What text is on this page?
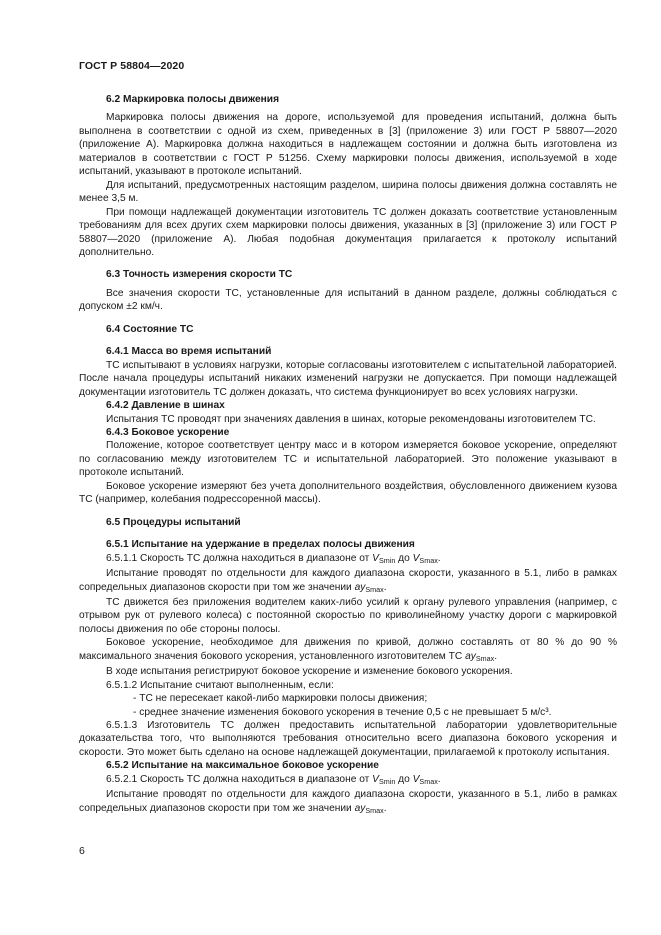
ГОСТ Р 58804—2020

6.2 Маркировка полосы движения

Маркировка полосы движения на дороге, используемой для проведения испытаний, должна быть выполнена в соответствии с одной из схем, приведенных в [3] (приложение 3) или ГОСТ Р 58807—2020 (приложение А). Маркировка должна находиться в надлежащем состоянии и должна быть изготовлена из материалов в соответствии с ГОСТ Р 51256. Схему маркировки полосы движения, используемой в ходе испытаний, указывают в протоколе испытаний.

Для испытаний, предусмотренных настоящим разделом, ширина полосы движения должна составлять не менее 3,5 м.

При помощи надлежащей документации изготовитель ТС должен доказать соответствие установленным требованиям для всех других схем маркировки полосы движения, указанных в [3] (приложение 3) или ГОСТ Р 58807—2020 (приложение А). Любая подобная документация прилагается к протоколу испытаний дополнительно.

6.3 Точность измерения скорости ТС

Все значения скорости ТС, установленные для испытаний в данном разделе, должны соблюдаться с допуском ±2 км/ч.

6.4 Состояние ТС

6.4.1 Масса во время испытаний

ТС испытывают в условиях нагрузки, которые согласованы изготовителем с испытательной лабораторией. После начала процедуры испытаний никаких изменений нагрузки не допускается. При помощи надлежащей документации изготовитель ТС должен доказать, что система функционирует во всех условиях нагрузки.

6.4.2 Давление в шинах

Испытания ТС проводят при значениях давления в шинах, которые рекомендованы изготовителем ТС.

6.4.3 Боковое ускорение

Положение, которое соответствует центру масс и в котором измеряется боковое ускорение, определяют по согласованию между изготовителем ТС и испытательной лабораторией. Это положение указывают в протоколе испытаний.

Боковое ускорение измеряют без учета дополнительного воздействия, обусловленного движением кузова ТС (например, колебания подрессоренной массы).

6.5 Процедуры испытаний

6.5.1 Испытание на удержание в пределах полосы движения

6.5.1.1 Скорость ТС должна находиться в диапазоне от $V_{Smin}$ до $V_{Smax}$.

Испытание проводят по отдельности для каждого диапазона скорости, указанного в 5.1, либо в рамках сопредельных диапазонов скорости при том же значении $ay_{Smax}$.

ТС движется без приложения водителем каких-либо усилий к органу рулевого управления (например, с отрывом рук от рулевого колеса) с постоянной скоростью по криволинейному участку дороги с маркировкой полосы движения по обе стороны полосы.

Боковое ускорение, необходимое для движения по кривой, должно составлять от 80 % до 90 % максимального значения бокового ускорения, установленного изготовителем ТС $ay_{Smax}$.

В ходе испытания регистрируют боковое ускорение и изменение бокового ускорения.

6.5.1.2 Испытание считают выполненным, если:

- ТС не пересекает какой-либо маркировки полосы движения;

- среднее значение изменения бокового ускорения в течение 0,5 с не превышает 5 м/с³.

6.5.1.3 Изготовитель ТС должен предоставить испытательной лаборатории удовлетворительные доказательства того, что выполняются требования относительно всего диапазона бокового ускорения и скорости. Это может быть сделано на основе надлежащей документации, прилагаемой к протоколу испытания.

6.5.2 Испытание на максимальное боковое ускорение

6.5.2.1 Скорость ТС должна находиться в диапазоне от $V_{Smin}$ до $V_{Smax}$.

Испытание проводят по отдельности для каждого диапазона скорости, указанного в 5.1, либо в рамках сопредельных диапазонов скорости при том же значении $ay_{Smax}$.

6
